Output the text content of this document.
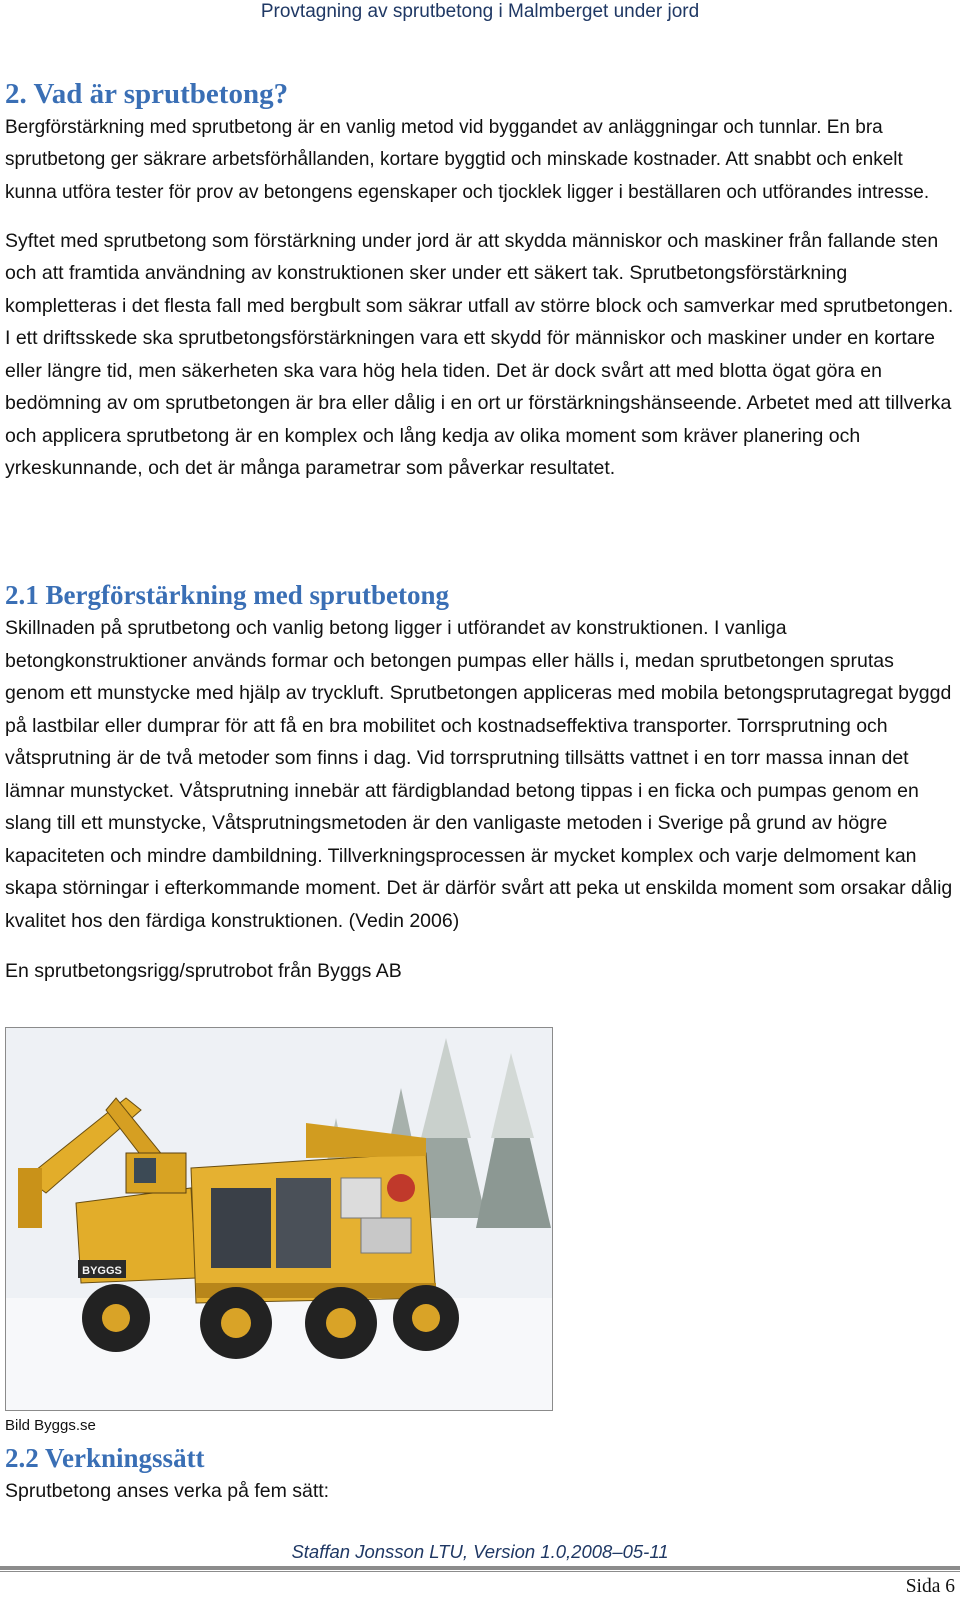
Provtagning av sprutbetong i Malmberget under jord
2. Vad är sprutbetong?

Bergförstärkning med sprutbetong är en vanlig metod vid byggandet av anläggningar och tunnlar. En bra sprutbetong ger säkrare arbetsförhållanden, kortare byggtid och minskade kostnader. Att snabbt och enkelt kunna utföra tester för prov av betongens egenskaper och tjocklek ligger i beställaren och utförandes intresse.

Syftet med sprutbetong som förstärkning under jord är att skydda människor och maskiner från fallande sten och att framtida användning av konstruktionen sker under ett säkert tak. Sprutbetongsförstärkning kompletteras i det flesta fall med bergbult som säkrar utfall av större block och samverkar med sprutbetongen. I ett driftsskede ska sprutbetongsförstärkningen vara ett skydd för människor och maskiner under en kortare eller längre tid, men säkerheten ska vara hög hela tiden. Det är dock svårt att med blotta ögat göra en bedömning av om sprutbetongen är bra eller dålig i en ort ur förstärkningshänseende. Arbetet med att tillverka och applicera sprutbetong är en komplex och lång kedja av olika moment som kräver planering och yrkeskunnande, och det är många parametrar som påverkar resultatet.

2.1 Bergförstärkning med sprutbetong

Skillnaden på sprutbetong och vanlig betong ligger i utförandet av konstruktionen. I vanliga betongkonstruktioner används formar och betongen pumpas eller hälls i, medan sprutbetongen sprutas genom ett munstycke med hjälp av tryckluft. Sprutbetongen appliceras med mobila betongsprutagregat byggd på lastbilar eller dumprar för att få en bra mobilitet och kostnadseffektiva transporter. Torrsprutning och våtsprutning är de två metoder som finns i dag. Vid torrsprutning tillsätts vattnet i en torr massa innan det lämnar munstycket. Våtsprutning innebär att färdigblandad betong tippas i en ficka och pumpas genom en slang till ett munstycke, Våtsprutningsmetoden är den vanligaste metoden i Sverige på grund av högre kapaciteten och mindre dambildning. Tillverkningsprocessen är mycket komplex och varje delmoment kan skapa störningar i efterkommande moment. Det är därför svårt att peka ut enskilda moment som orsakar dålig kvalitet hos den färdiga konstruktionen. (Vedin 2006)

En sprutbetongsrigg/sprutrobot från Byggs AB

BYGGS
Bild Byggs.se
2.2 Verkningssätt

Sprutbetong anses verka på fem sätt:

Staffan Jonsson LTU, Version 1.0,2008–05-11
Sida 6
